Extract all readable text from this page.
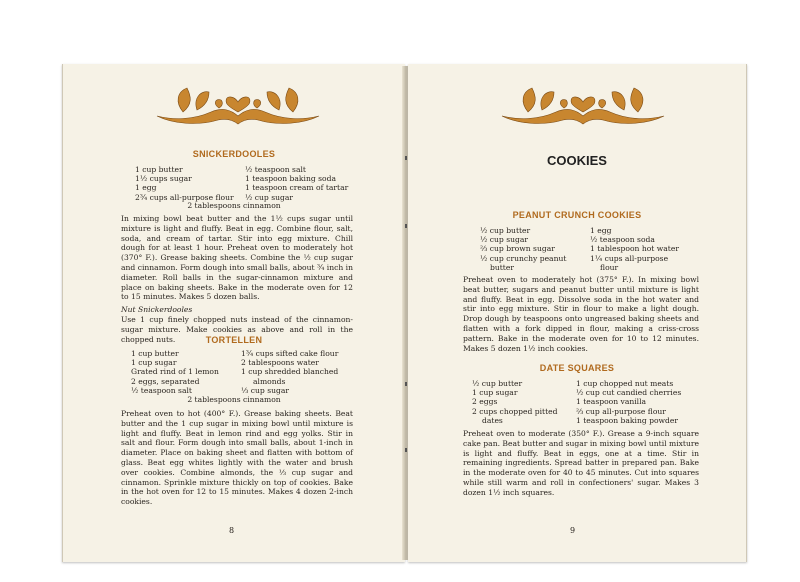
SNICKERDOOLES
1 cup butter
1½ cups sugar
1 egg
2¾ cups all-purpose flour
½ teaspoon salt
1 teaspoon baking soda
1 teaspoon cream of tartar
½ cup sugar
2 tablespoons cinnamon

In mixing bowl beat butter and the 1½ cups sugar until mixture is light and fluffy. Beat in egg. Combine flour, salt, soda, and cream of tartar. Stir into egg mixture. Chill dough for at least 1 hour. Preheat oven to moderately hot (370° F.). Grease baking sheets. Combine the ½ cup sugar and cinnamon. Form dough into small balls, about ¾ inch in diameter. Roll balls in the sugar-cinnamon mixture and place on baking sheets. Bake in the moderate oven for 12 to 15 minutes. Makes 5 dozen balls.

Nut Snickerdooles

Use 1 cup finely chopped nuts instead of the cinnamon-sugar mixture. Make cookies as above and roll in the chopped nuts.	TORTELLEN
1 cup butter
1 cup sugar
Grated rind of 1 lemon
2 eggs, separated
½ teaspoon salt
1¾ cups sifted cake flour
2 tablespoons water
1 cup shredded blanched
almonds
⅓ cup sugar
2 tablespoons cinnamon

Preheat oven to hot (400° F.). Grease baking sheets. Beat butter and the 1 cup sugar in mixing bowl until mixture is light and fluffy. Beat in lemon rind and egg yolks. Stir in salt and flour. Form dough into small balls, about 1-inch in diameter. Place on baking sheet and flatten with bottom of glass. Beat egg whites lightly with the water and brush over cookies. Combine almonds, the ⅓ cup sugar and cinnamon. Sprinkle mixture thickly on top of cookies. Bake in the hot oven for 12 to 15 minutes. Makes 4 dozen 2-inch cookies.

8
COOKIES
PEANUT CRUNCH COOKIES
½ cup butter
½ cup sugar
⅔ cup brown sugar
½ cup crunchy peanut
butter
1 egg
½ teaspoon soda
1 tablespoon hot water
1¼ cups all-purpose
flour

Preheat oven to moderately hot (375° F.). In mixing bowl beat butter, sugars and peanut butter until mixture is light and fluffy. Beat in egg. Dissolve soda in the hot water and stir into egg mixture. Stir in flour to make a light dough. Drop dough by teaspoons onto ungreased baking sheets and flatten with a fork dipped in flour, making a criss-cross pattern. Bake in the moderate oven for 10 to 12 minutes. Makes 5 dozen 1½ inch cookies.

DATE SQUARES
½ cup butter
1 cup sugar
2 eggs
2 cups chopped pitted
dates
1 cup chopped nut meats
½ cup cut candied cherries
1 teaspoon vanilla
⅔ cup all-purpose flour
1 teaspoon baking powder

Preheat oven to moderate (350° F.). Grease a 9-inch square cake pan. Beat butter and sugar in mixing bowl until mixture is light and fluffy. Beat in eggs, one at a time. Stir in remaining ingredients. Spread batter in prepared pan. Bake in the moderate oven for 40 to 45 minutes. Cut into squares while still warm and roll in confectioners' sugar. Makes 3 dozen 1½ inch squares.

9
